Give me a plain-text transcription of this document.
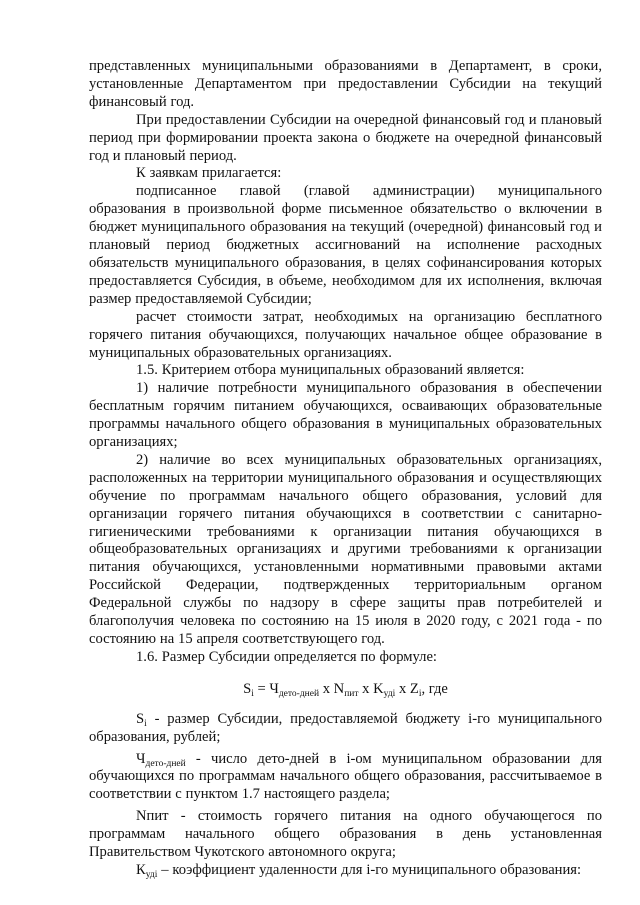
представленных муниципальными образованиями в Департамент, в сроки, установленные Департаментом при предоставлении Субсидии на текущий финансовый год.

При предоставлении Субсидии на очередной финансовый год и плановый период при формировании проекта закона о бюджете на очередной финансовый год и плановый период.

К заявкам прилагается:

подписанное главой (главой администрации) муниципального образования в произвольной форме письменное обязательство о включении в бюджет муниципального образования на текущий (очередной) финансовый год и плановый период бюджетных ассигнований на исполнение расходных обязательств муниципального образования, в целях софинансирования которых предоставляется Субсидия, в объеме, необходимом для их исполнения, включая размер предоставляемой Субсидии;

расчет стоимости затрат, необходимых на организацию бесплатного горячего питания обучающихся, получающих начальное общее образование в муниципальных образовательных организациях.

1.5. Критерием отбора муниципальных образований является:

1) наличие потребности муниципального образования в обеспечении бесплатным горячим питанием обучающихся, осваивающих образовательные программы начального общего образования в муниципальных образовательных организациях;

2) наличие во всех муниципальных образовательных организациях, расположенных на территории муниципального образования и осуществляющих обучение по программам начального общего образования, условий для организации горячего питания обучающихся в соответствии с санитарно-гигиеническими требованиями к организации питания обучающихся в общеобразовательных организациях и другими требованиями к организации питания обучающихся, установленными нормативными правовыми актами Российской Федерации, подтвержденных территориальным органом Федеральной службы по надзору в сфере защиты прав потребителей и благополучия человека по состоянию на 15 июля в 2020 году, с 2021 года - по состоянию на 15 апреля соответствующего год.

1.6. Размер Субсидии определяется по формуле:

$S_i = Ч_{дето-дней}$ x $N_{пит}$ x $K_{удi}$ x $Z_i$, где

$S_i$ - размер Субсидии, предоставляемой бюджету i-го муниципального образования, рублей;

$Ч_{дето-дней}$ - число дето-дней в i-ом муниципальном образовании для обучающихся по программам начального общего образования, рассчитываемое в соответствии с пунктом 1.7 настоящего раздела;

Nпит - стоимость горячего питания на одного обучающегося по программам начального общего образования в день установленная Правительством Чукотского автономного округа;

$К_{удi}$ – коэффициент удаленности для i-го муниципального образования:
